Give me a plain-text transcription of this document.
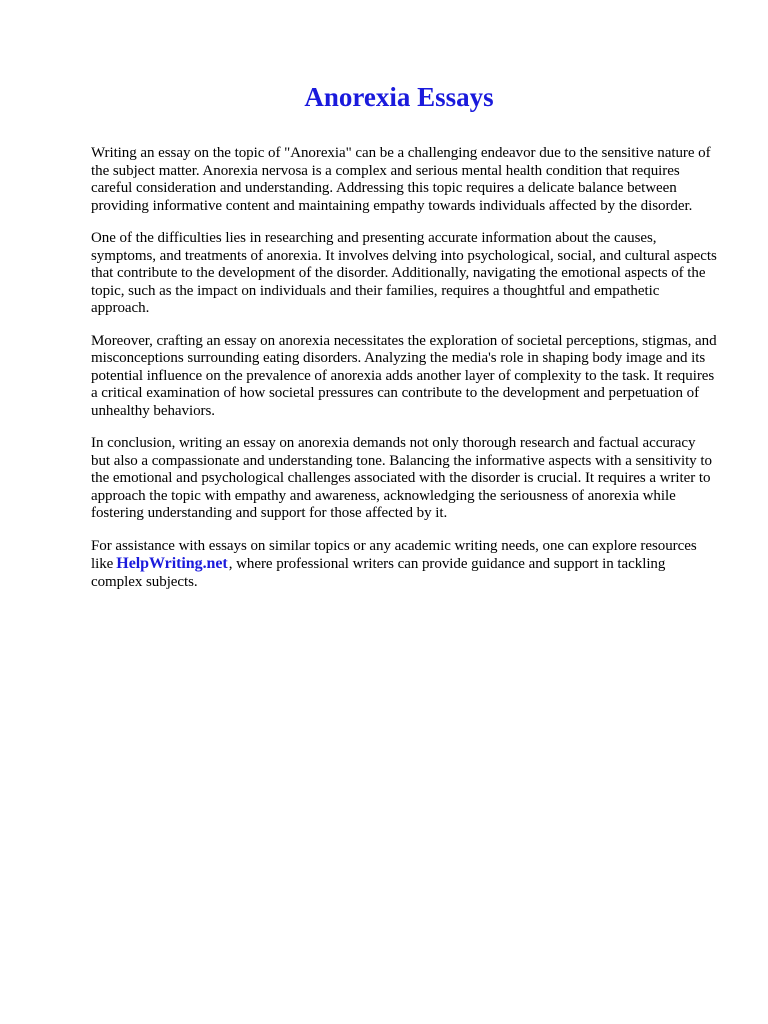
Anorexia Essays

Writing an essay on the topic of "Anorexia" can be a challenging endeavor due to the sensitive nature of the subject matter. Anorexia nervosa is a complex and serious mental health condition that requires careful consideration and understanding. Addressing this topic requires a delicate balance between providing informative content and maintaining empathy towards individuals affected by the disorder.

One of the difficulties lies in researching and presenting accurate information about the causes, symptoms, and treatments of anorexia. It involves delving into psychological, social, and cultural aspects that contribute to the development of the disorder. Additionally, navigating the emotional aspects of the topic, such as the impact on individuals and their families, requires a thoughtful and empathetic approach.

Moreover, crafting an essay on anorexia necessitates the exploration of societal perceptions, stigmas, and misconceptions surrounding eating disorders. Analyzing the media's role in shaping body image and its potential influence on the prevalence of anorexia adds another layer of complexity to the task. It requires a critical examination of how societal pressures can contribute to the development and perpetuation of unhealthy behaviors.

In conclusion, writing an essay on anorexia demands not only thorough research and factual accuracy but also a compassionate and understanding tone. Balancing the informative aspects with a sensitivity to the emotional and psychological challenges associated with the disorder is crucial. It requires a writer to approach the topic with empathy and awareness, acknowledging the seriousness of anorexia while fostering understanding and support for those affected by it.

For assistance with essays on similar topics or any academic writing needs, one can explore resources like HelpWriting.net, where professional writers can provide guidance and support in tackling complex subjects.
